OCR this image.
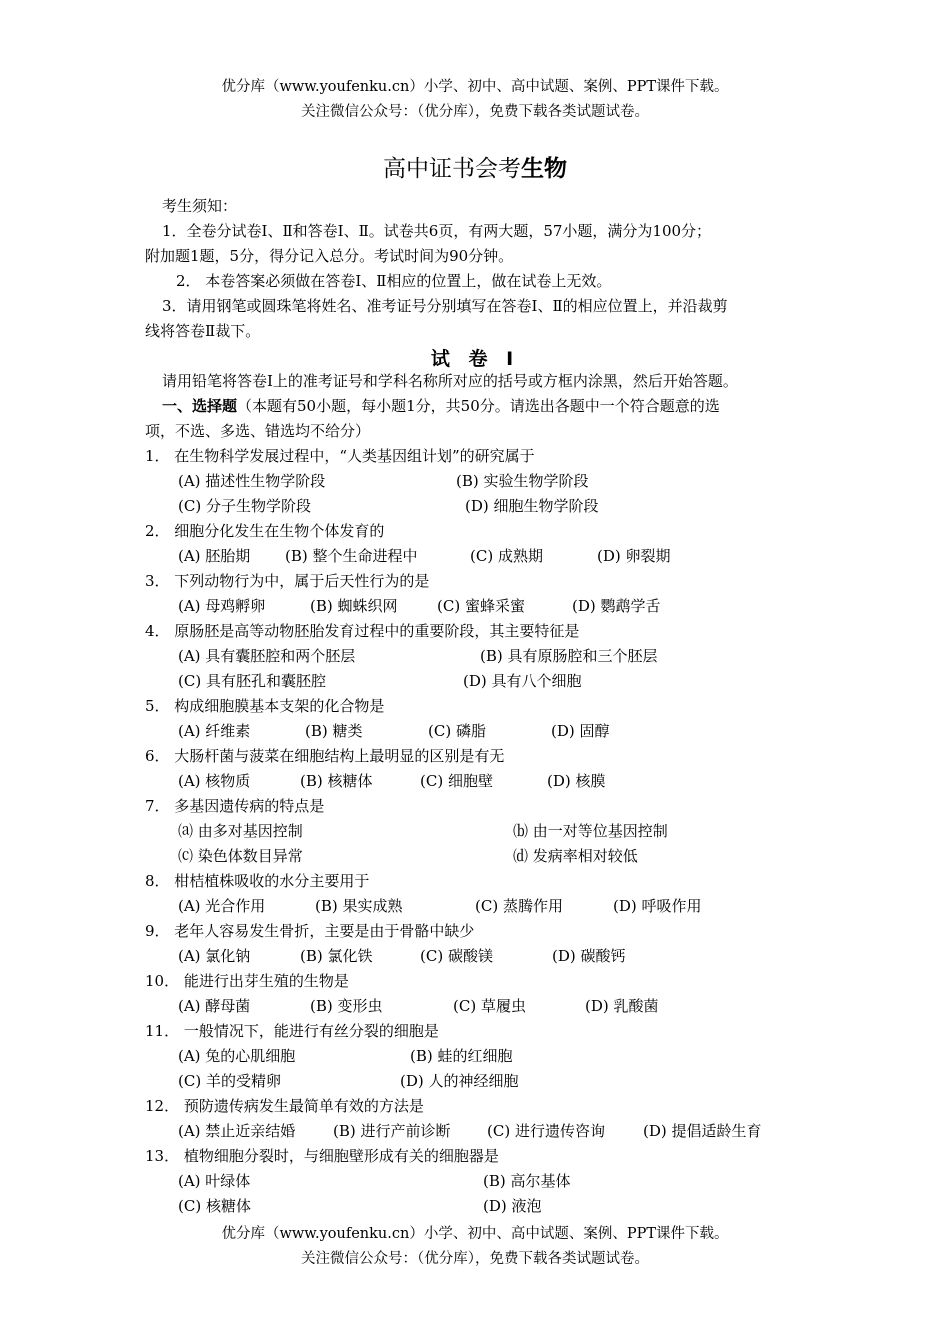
优分库（www.youfenku.cn）小学、初中、高中试题、案例、PPT课件下载。
关注微信公众号：（优分库），免费下载各类试题试卷。
高中证书会考生物
考生须知：
1．全卷分试卷Ⅰ、Ⅱ和答卷Ⅰ、Ⅱ。试卷共6页，有两大题，57小题，满分为100分；
附加题1题，5分，得分记入总分。考试时间为90分钟。
2． 本卷答案必须做在答卷Ⅰ、Ⅱ相应的位置上，做在试卷上无效。
3．请用钢笔或圆珠笔将姓名、准考证号分别填写在答卷Ⅰ、Ⅱ的相应位置上，并沿裁剪
线将答卷Ⅱ裁下。
试 卷 Ⅰ
请用铅笔将答卷Ⅰ上的准考证号和学科名称所对应的括号或方框内涂黑，然后开始答题。
一、选择题（本题有50小题，每小题1分，共50分。请选出各题中一个符合题意的选
项，不选、多选、错选均不给分）
1． 在生物科学发展过程中，“人类基因组计划”的研究属于
(A) 描述性生物学阶段	(B) 实验生物学阶段
(C) 分子生物学阶段	(D) 细胞生物学阶段
2． 细胞分化发生在生物个体发育的
(A) 胚胎期 (B) 整个生命进程中	(C) 成熟期	(D) 卵裂期
3． 下列动物行为中，属于后天性行为的是
(A) 母鸡孵卵	(B) 蜘蛛织网	(C) 蜜蜂采蜜	(D) 鹦鹉学舌
4． 原肠胚是高等动物胚胎发育过程中的重要阶段，其主要特征是
(A) 具有囊胚腔和两个胚层	(B) 具有原肠腔和三个胚层
(C) 具有胚孔和囊胚腔	(D) 具有八个细胞
5． 构成细胞膜基本支架的化合物是
(A) 纤维素	(B) 糖类	(C) 磷脂	(D) 固醇
6． 大肠杆菌与菠菜在细胞结构上最明显的区别是有无
(A) 核物质	(B) 核糖体	(C) 细胞壁	(D) 核膜
7． 多基因遗传病的特点是
⒜ 由多对基因控制	⒝ 由一对等位基因控制
⒞ 染色体数目异常	⒟ 发病率相对较低
8． 柑桔植株吸收的水分主要用于
(A) 光合作用	(B) 果实成熟	(C) 蒸腾作用	(D) 呼吸作用
9． 老年人容易发生骨折，主要是由于骨骼中缺少
(A) 氯化钠	(B) 氯化铁	(C) 碳酸镁	(D) 碳酸钙
10． 能进行出芽生殖的生物是
(A) 酵母菌	(B) 变形虫	(C) 草履虫	(D) 乳酸菌
11． 一般情况下，能进行有丝分裂的细胞是
(A) 兔的心肌细胞	(B) 蛙的红细胞
(C) 羊的受精卵	(D) 人的神经细胞
12． 预防遗传病发生最简单有效的方法是
(A) 禁止近亲结婚	(B) 进行产前诊断 (C) 进行遗传咨询	(D) 提倡适龄生育
13． 植物细胞分裂时，与细胞壁形成有关的细胞器是
(A) 叶绿体	(B) 高尔基体
(C) 核糖体	(D) 液泡
优分库（www.youfenku.cn）小学、初中、高中试题、案例、PPT课件下载。
关注微信公众号：（优分库），免费下载各类试题试卷。
